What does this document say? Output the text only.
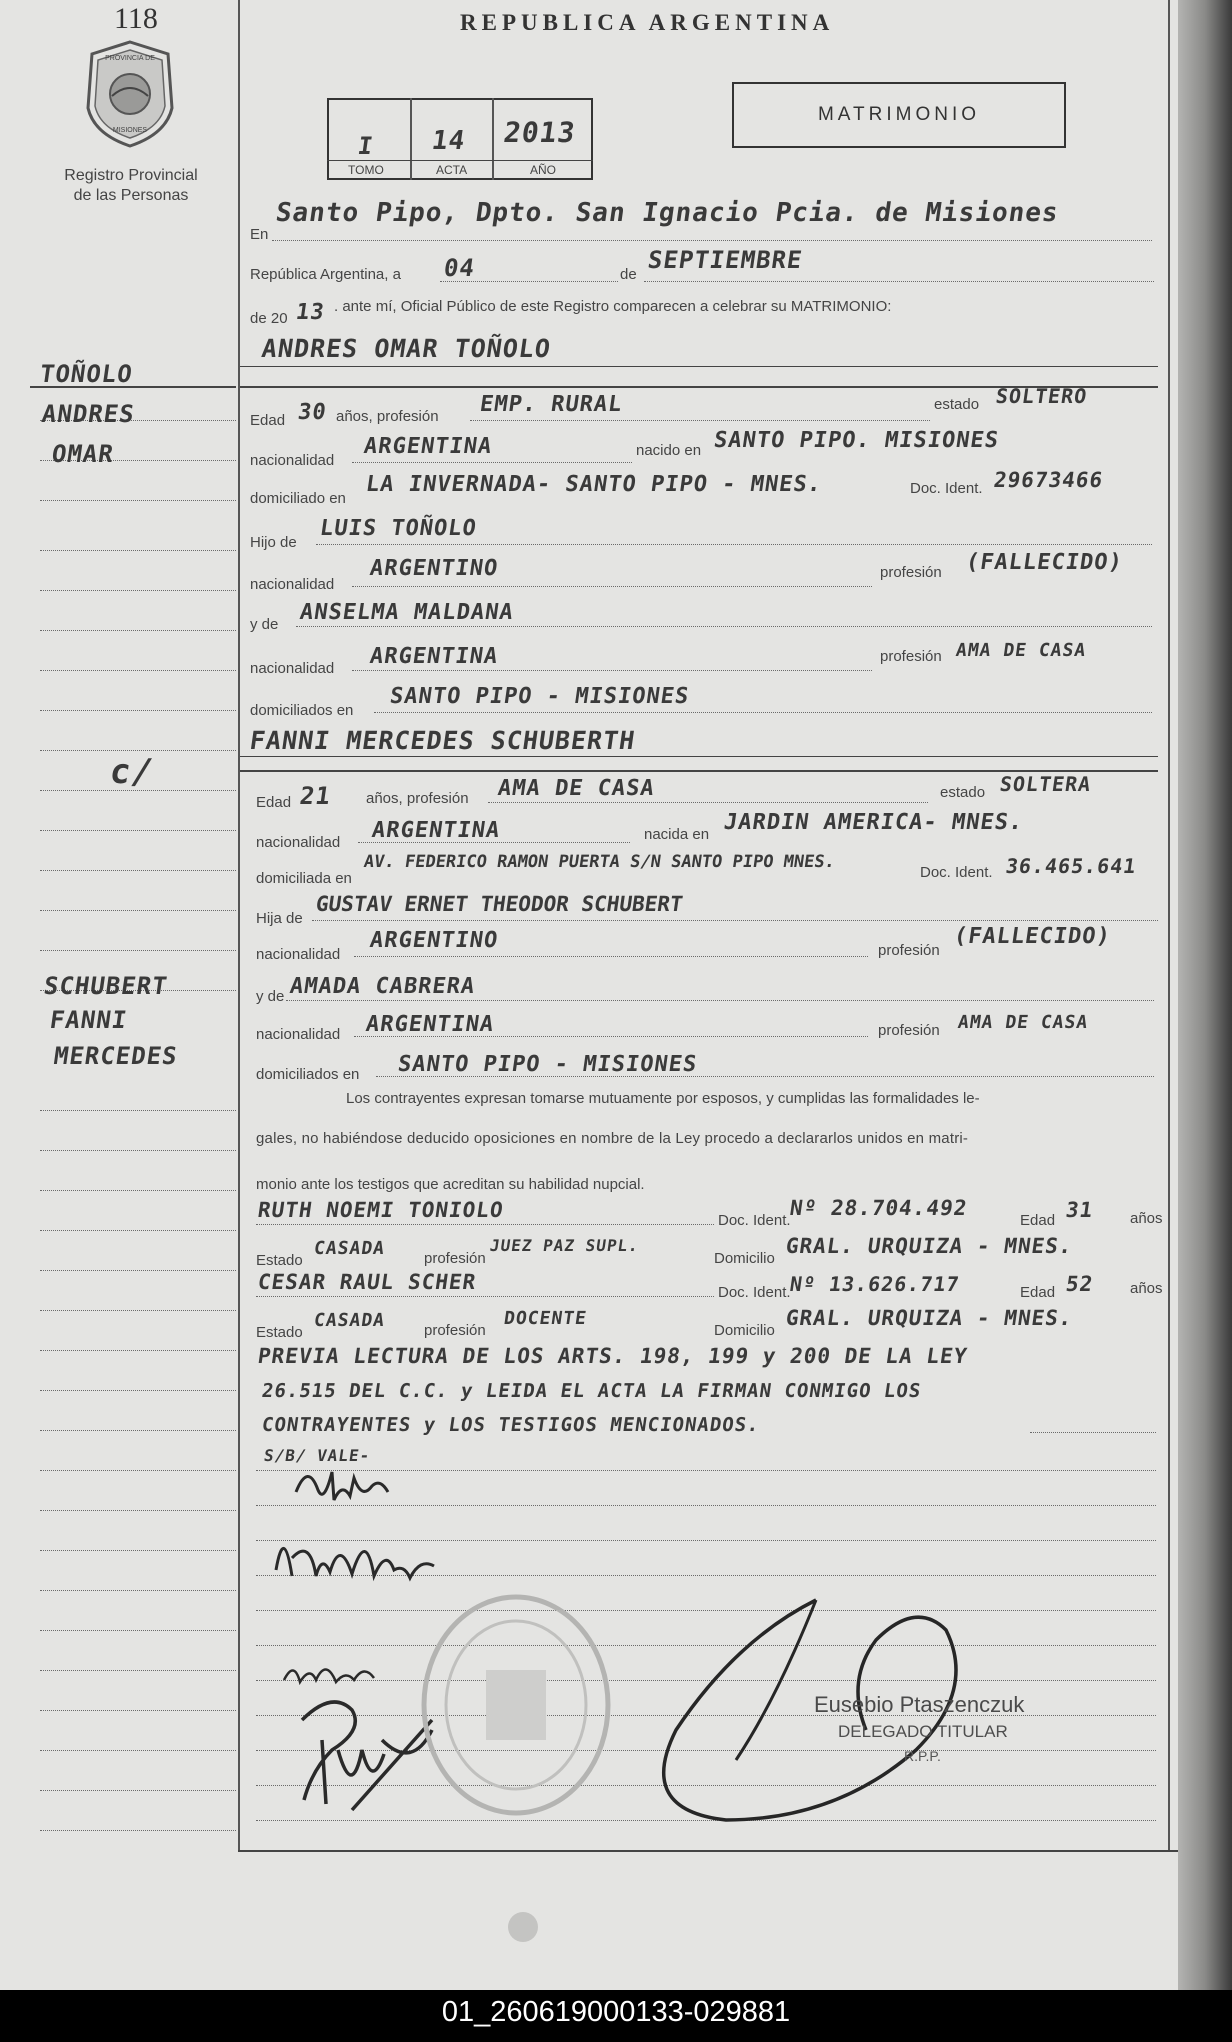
01_260619000133-029881
118	REPUBLICA ARGENTINA
PROVINCIA DE
MISIONES
Registro Provincial
de las Personas
I 14 2013
TOMO	ACTA	AÑO
MATRIMONIO
TOÑOLO
ANDRES
OMAR
c/
SCHUBERT
FANNI
MERCEDES
En
Santo Pipo, Dpto. San Ignacio Pcia. de Misiones
República Argentina, a 04	de
SEPTIEMBRE
de 20 13 . ante mí, Oficial Público de este Registro comparecen a celebrar su MATRIMONIO:
ANDRES OMAR TOÑOLO
Edad 30 años, profesión EMP. RURAL	estado SOLTERO
nacionalidad
ARGENTINA	nacido en SANTO PIPO. MISIONES
domiciliado en
LA INVERNADA- SANTO PIPO - MNES.	Doc. Ident. 29673466
Hijo de
LUIS TOÑOLO
nacionalidad
ARGENTINO	profesión (FALLECIDO)
y de ANSELMA MALDANA
nacionalidad ARGENTINA	profesión AMA DE CASA
domiciliados en
SANTO PIPO - MISIONES
FANNI MERCEDES SCHUBERTH
Edad 21 años, profesión AMA DE CASA	estado SOLTERA
nacionalidad ARGENTINA	nacida en JARDIN AMERICA- MNES.
domiciliada en
AV. FEDERICO RAMON PUERTA S/N SANTO PIPO MNES.
Doc. Ident. 36.465.641
Hija de
GUSTAV ERNET THEODOR SCHUBERT
nacionalidad
ARGENTINO	profesión
(FALLECIDO)
y de AMADA CABRERA
nacionalidad ARGENTINA	profesión AMA DE CASA
domiciliados en SANTO PIPO - MISIONES
Los contrayentes expresan tomarse mutuamente por esposos, y cumplidas las formalidades le-
gales, no habiéndose deducido oposiciones en nombre de la Ley procedo a declararlos unidos en matri-
monio ante los testigos que acreditan su habilidad nupcial.
RUTH NOEMI TONIOLO	Doc. Ident.
Nº 28.704.492
Edad 31 años
Estado
CASADA profesión
JUEZ PAZ SUPL.
Domicilio
GRAL. URQUIZA - MNES.
CESAR RAUL SCHER	Doc. Ident.
Nº 13.626.717	Edad 52 años
Estado
CASADA profesión
DOCENTE
Domicilio
GRAL. URQUIZA - MNES.
PREVIA LECTURA DE LOS ARTS. 198, 199 y 200 DE LA LEY
26.515 DEL C.C. y LEIDA EL ACTA LA FIRMAN CONMIGO LOS
CONTRAYENTES y LOS TESTIGOS MENCIONADOS.
S/B/ VALE-
Eusebio Ptaszenczuk
DELEGADO TITULAR
R.P.P.
